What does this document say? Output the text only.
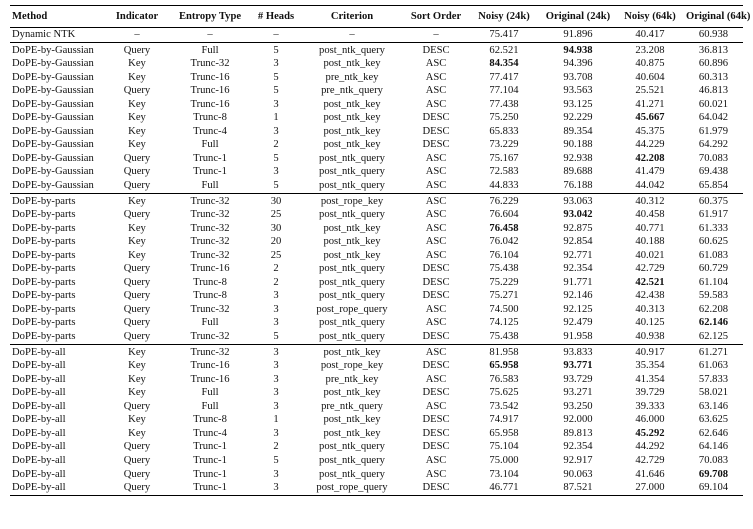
Method	Indicator	Entropy Type	# Heads	Criterion	Sort Order	Noisy (24k)	Original (24k)	Noisy (64k)	Original (64k)
Dynamic NTK	–	–	–	–	–	75.417	91.896	40.417	60.938
DoPE-by-Gaussian	Query	Full	5	post_ntk_query	DESC	62.521	94.938	23.208	36.813
DoPE-by-Gaussian	Key	Trunc-32	3	post_ntk_key	ASC	84.354	94.396	40.875	60.896
DoPE-by-Gaussian	Key	Trunc-16	5	pre_ntk_key	ASC	77.417	93.708	40.604	60.313
DoPE-by-Gaussian	Query	Trunc-16	5	pre_ntk_query	ASC	77.104	93.563	25.521	46.813
DoPE-by-Gaussian	Key	Trunc-16	3	post_ntk_key	ASC	77.438	93.125	41.271	60.021
DoPE-by-Gaussian	Key	Trunc-8	1	post_ntk_key	DESC	75.250	92.229	45.667	64.042
DoPE-by-Gaussian	Key	Trunc-4	3	post_ntk_key	DESC	65.833	89.354	45.375	61.979
DoPE-by-Gaussian	Key	Full	2	post_ntk_key	DESC	73.229	90.188	44.229	64.292
DoPE-by-Gaussian	Query	Trunc-1	5	post_ntk_query	ASC	75.167	92.938	42.208	70.083
DoPE-by-Gaussian	Query	Trunc-1	3	post_ntk_query	ASC	72.583	89.688	41.479	69.438
DoPE-by-Gaussian	Query	Full	5	post_ntk_query	ASC	44.833	76.188	44.042	65.854
DoPE-by-parts	Key	Trunc-32	30	post_rope_key	ASC	76.229	93.063	40.312	60.375
DoPE-by-parts	Query	Trunc-32	25	post_ntk_query	ASC	76.604	93.042	40.458	61.917
DoPE-by-parts	Key	Trunc-32	30	post_ntk_key	ASC	76.458	92.875	40.771	61.333
DoPE-by-parts	Key	Trunc-32	20	post_ntk_key	ASC	76.042	92.854	40.188	60.625
DoPE-by-parts	Key	Trunc-32	25	post_ntk_key	ASC	76.104	92.771	40.021	61.083
DoPE-by-parts	Query	Trunc-16	2	post_ntk_query	DESC	75.438	92.354	42.729	60.729
DoPE-by-parts	Query	Trunc-8	2	post_ntk_query	DESC	75.229	91.771	42.521	61.104
DoPE-by-parts	Query	Trunc-8	3	post_ntk_query	DESC	75.271	92.146	42.438	59.583
DoPE-by-parts	Query	Trunc-32	3	post_rope_query	ASC	74.500	92.125	40.313	62.208
DoPE-by-parts	Query	Full	3	post_ntk_query	ASC	74.125	92.479	40.125	62.146
DoPE-by-parts	Query	Trunc-32	5	post_ntk_query	DESC	75.438	91.958	40.938	62.125
DoPE-by-all	Key	Trunc-32	3	post_ntk_key	ASC	81.958	93.833	40.917	61.271
DoPE-by-all	Key	Trunc-16	3	post_rope_key	DESC	65.958	93.771	35.354	61.063
DoPE-by-all	Key	Trunc-16	3	pre_ntk_key	ASC	76.583	93.729	41.354	57.833
DoPE-by-all	Key	Full	3	post_ntk_key	DESC	75.625	93.271	39.729	58.021
DoPE-by-all	Query	Full	3	pre_ntk_query	ASC	73.542	93.250	39.333	63.146
DoPE-by-all	Key	Trunc-8	1	post_ntk_key	DESC	74.917	92.000	46.000	63.625
DoPE-by-all	Key	Trunc-4	3	post_ntk_key	DESC	65.958	89.813	45.292	62.646
DoPE-by-all	Query	Trunc-1	2	post_ntk_query	DESC	75.104	92.354	44.292	64.146
DoPE-by-all	Query	Trunc-1	5	post_ntk_query	ASC	75.000	92.917	42.729	70.083
DoPE-by-all	Query	Trunc-1	3	post_ntk_query	ASC	73.104	90.063	41.646	69.708
DoPE-by-all	Query	Trunc-1	3	post_rope_query	DESC	46.771	87.521	27.000	69.104
